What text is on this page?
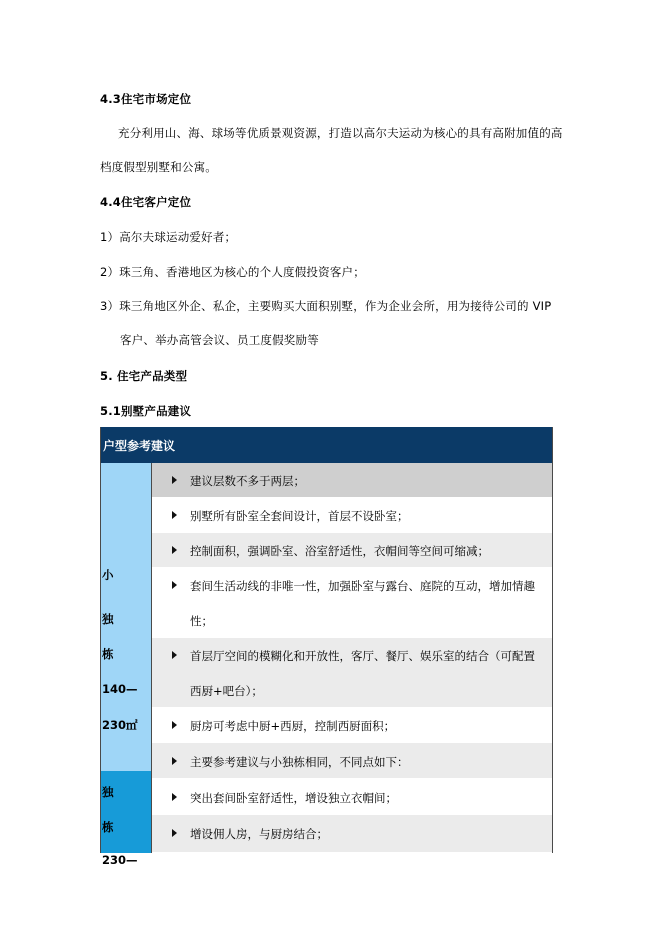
4.3住宅市场定位
充分利用山、海、球场等优质景观资源，打造以高尔夫运动为核心的具有高附加值的高
档度假型别墅和公寓。
4.4住宅客户定位
1）高尔夫球运动爱好者；
2）珠三角、香港地区为核心的个人度假投资客户；
3）珠三角地区外企、私企，主要购买大面积别墅，作为企业会所，用为接待公司的 VIP
客户、举办高管会议、员工度假奖励等
5. 住宅产品类型
5.1别墅产品建议
户型参考建议
小
独
栋
140—
230㎡
独
栋
230—
建议层数不多于两层；
别墅所有卧室全套间设计，首层不设卧室；
控制面积，强调卧室、浴室舒适性，衣帽间等空间可缩减；
套间生活动线的非唯一性，加强卧室与露台、庭院的互动，增加情趣
性；
首层厅空间的模糊化和开放性，客厅、餐厅、娱乐室的结合（可配置
西厨+吧台）；
厨房可考虑中厨+西厨，控制西厨面积；
主要参考建议与小独栋相同，不同点如下：
突出套间卧室舒适性，增设独立衣帽间；
增设佣人房，与厨房结合；
